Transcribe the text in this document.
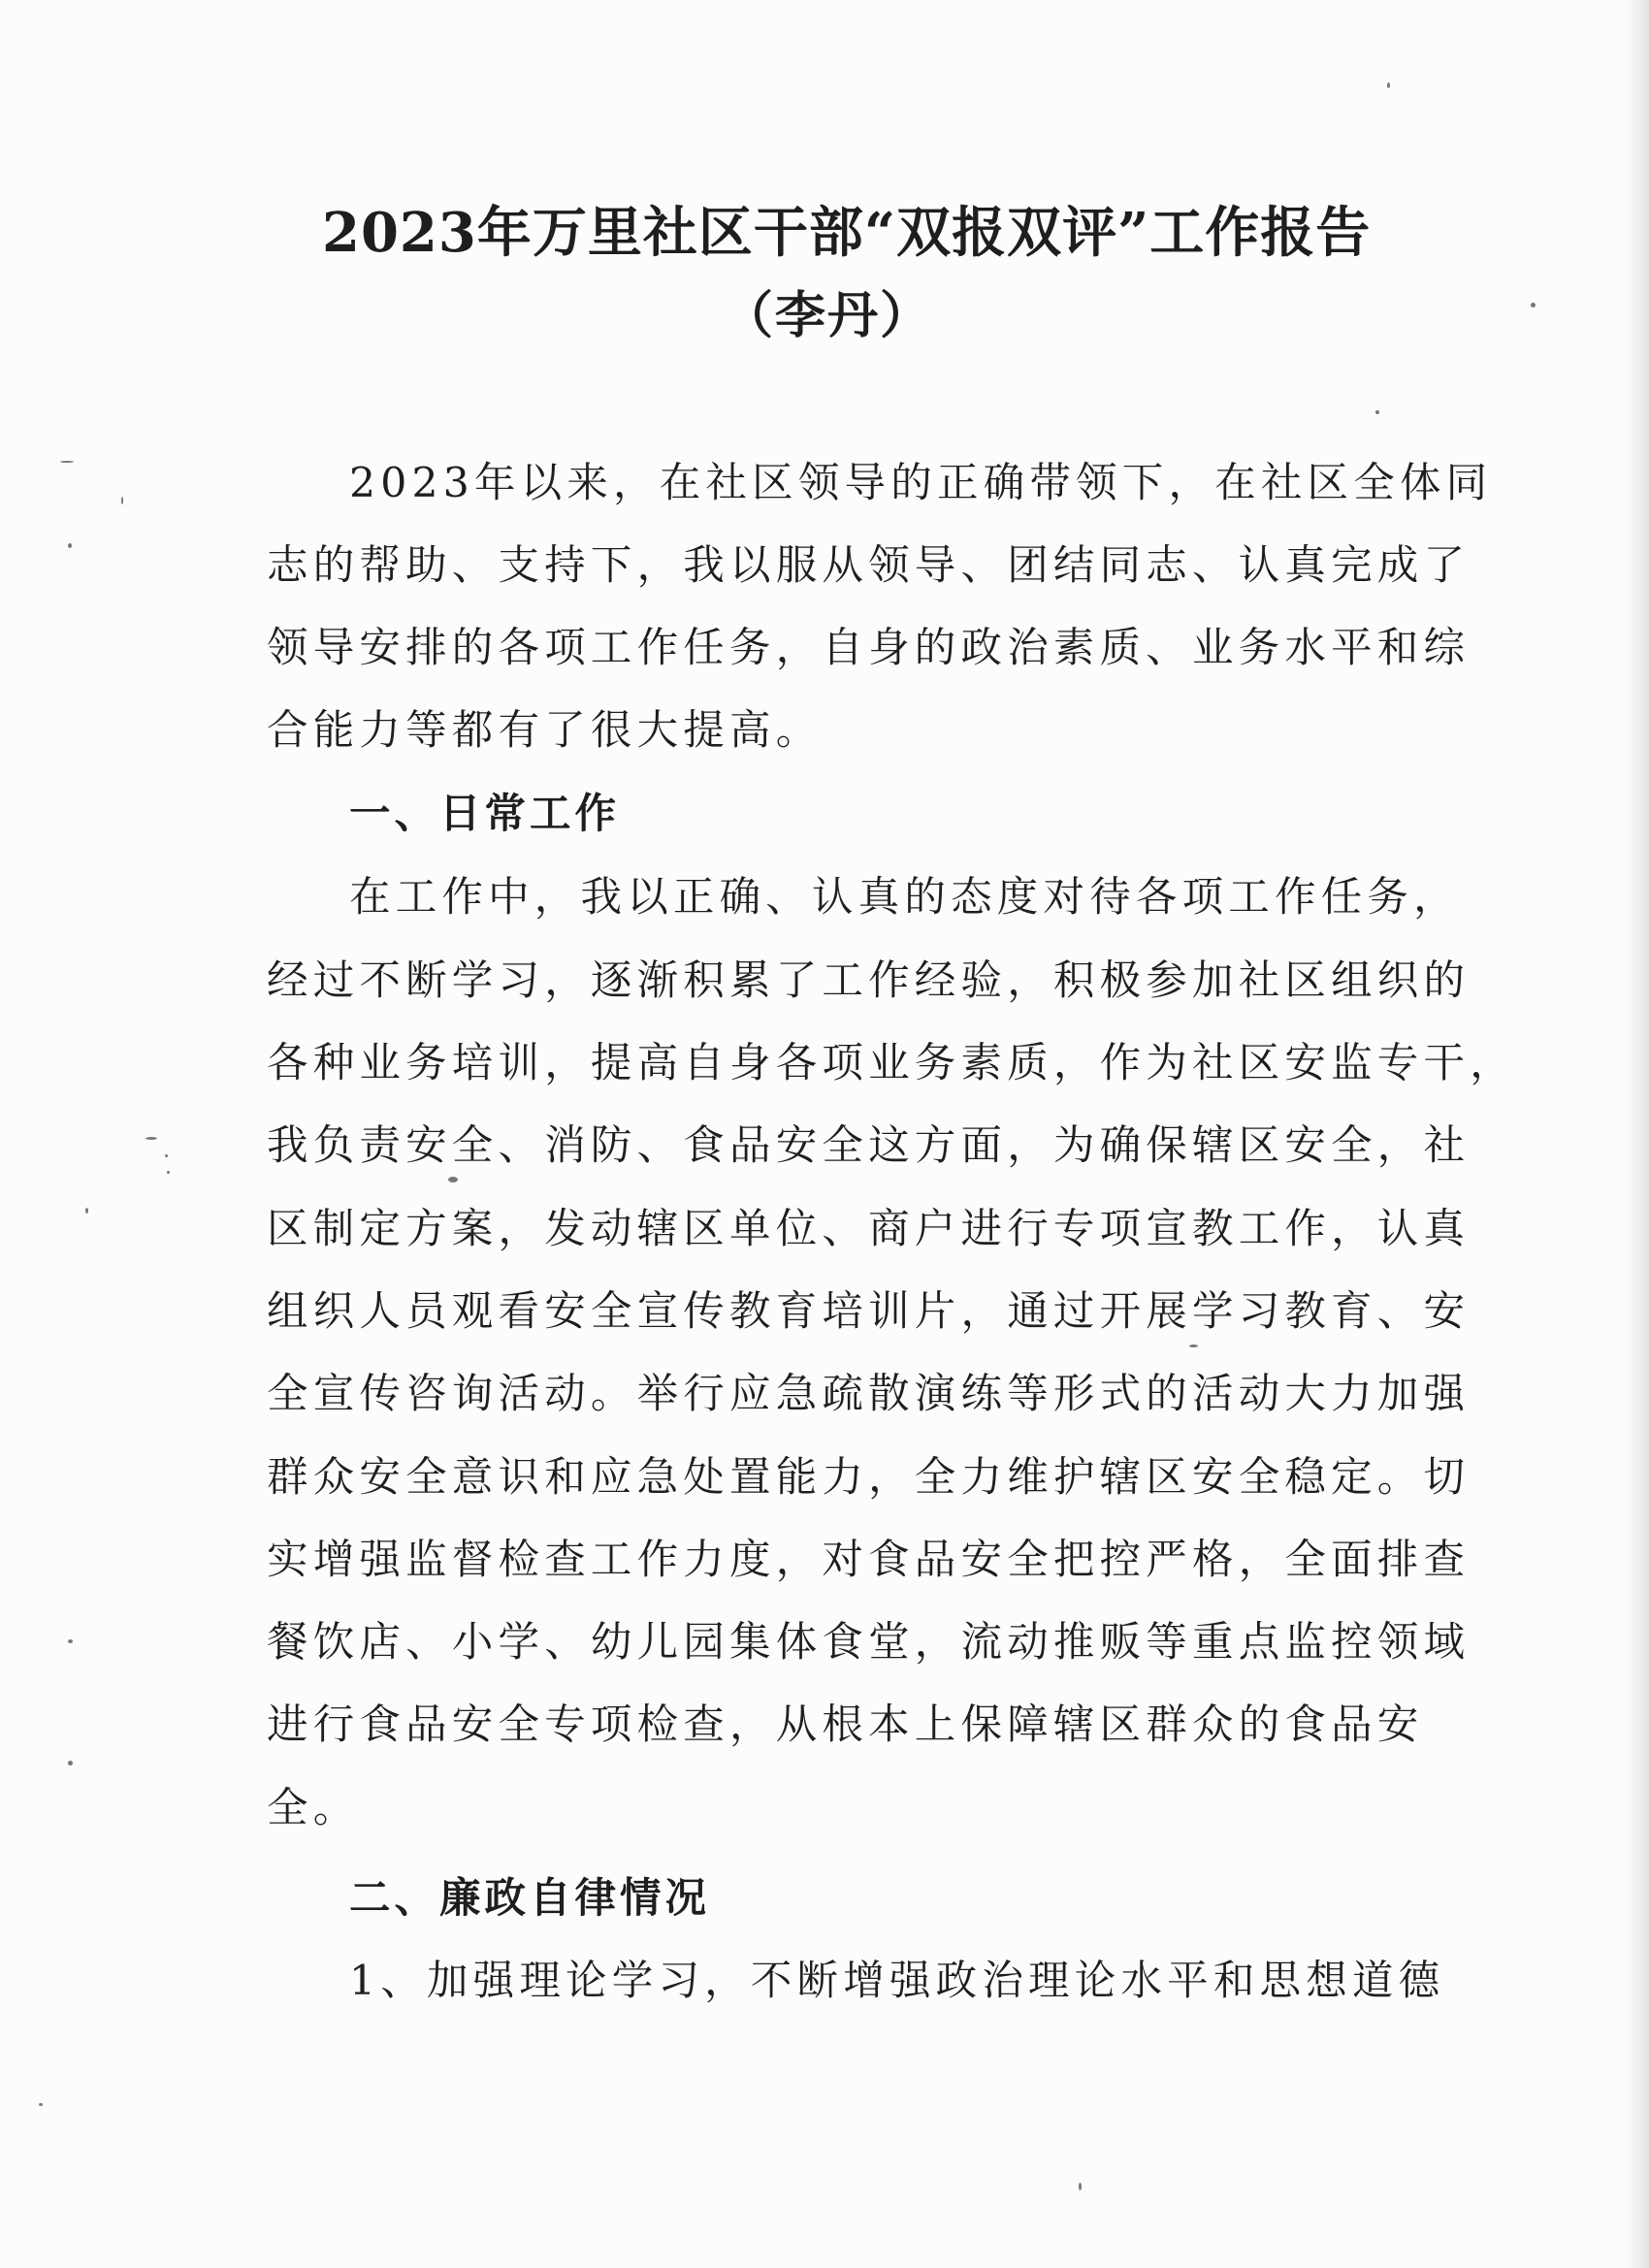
2023年万里社区干部“双报双评”工作报告
（李丹）
2023年以来，在社区领导的正确带领下，在社区全体同
志的帮助、支持下，我以服从领导、团结同志、认真完成了
领导安排的各项工作任务，自身的政治素质、业务水平和综
合能力等都有了很大提高。
一、日常工作
在工作中，我以正确、认真的态度对待各项工作任务，
经过不断学习，逐渐积累了工作经验，积极参加社区组织的
各种业务培训，提高自身各项业务素质，作为社区安监专干，
我负责安全、消防、食品安全这方面，为确保辖区安全，社
区制定方案，发动辖区单位、商户进行专项宣教工作，认真
组织人员观看安全宣传教育培训片，通过开展学习教育、安
全宣传咨询活动。举行应急疏散演练等形式的活动大力加强
群众安全意识和应急处置能力，全力维护辖区安全稳定。切
实增强监督检查工作力度，对食品安全把控严格，全面排查
餐饮店、小学、幼儿园集体食堂，流动推贩等重点监控领域
进行食品安全专项检查，从根本上保障辖区群众的食品安
全。
二、廉政自律情况
1、加强理论学习，不断增强政治理论水平和思想道德
